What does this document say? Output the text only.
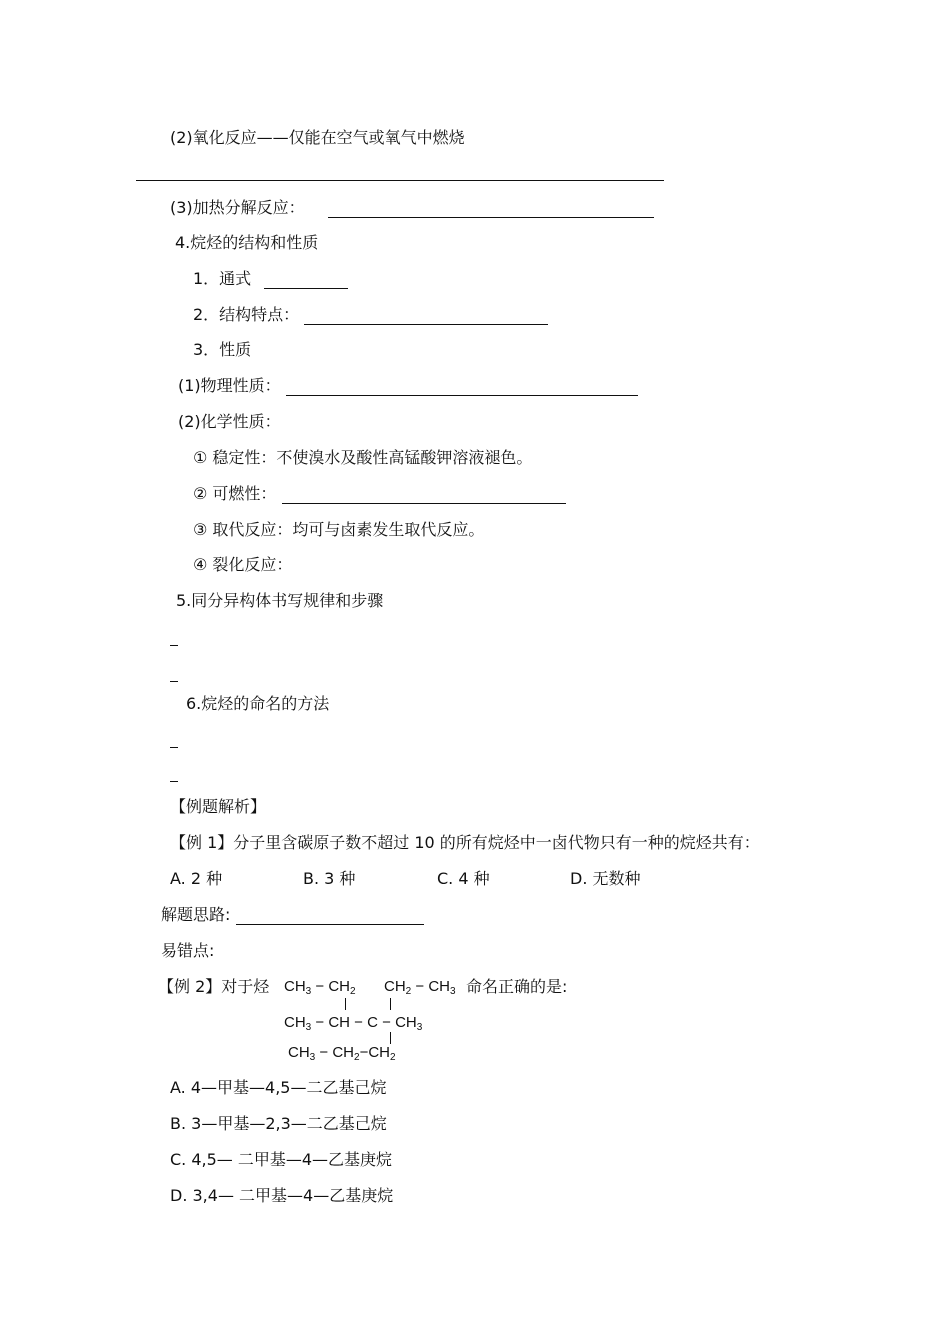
(2)氧化反应——仅能在空气或氧气中燃烧
(3)加热分解反应：
4.烷烃的结构和性质
1．通式
2．结构特点：
3．性质
(1)物理性质：
(2)化学性质：
① 稳定性：不使溴水及酸性高锰酸钾溶液褪色。
② 可燃性：
③ 取代反应：均可与卤素发生取代反应。
④ 裂化反应：
5.同分异构体书写规律和步骤
6.烷烃的命名的方法
【例题解析】
【例 1】分子里含碳原子数不超过 10 的所有烷烃中一卤代物只有一种的烷烃共有：
A. 2 种	B. 3 种	C. 4 种	D. 无数种
解题思路:
易错点:
【例 2】对于烃 $CH_3 - CH_2$ $CH_2 - CH_3$
$CH_3$ − CH − $C - CH_3$
$CH_3 - CH_2-CH_2$
命名正确的是:
A. 4—甲基—4,5—二乙基己烷
B. 3—甲基—2,3—二乙基己烷
C. 4,5— 二甲基—4—乙基庚烷
D. 3,4— 二甲基—4—乙基庚烷
